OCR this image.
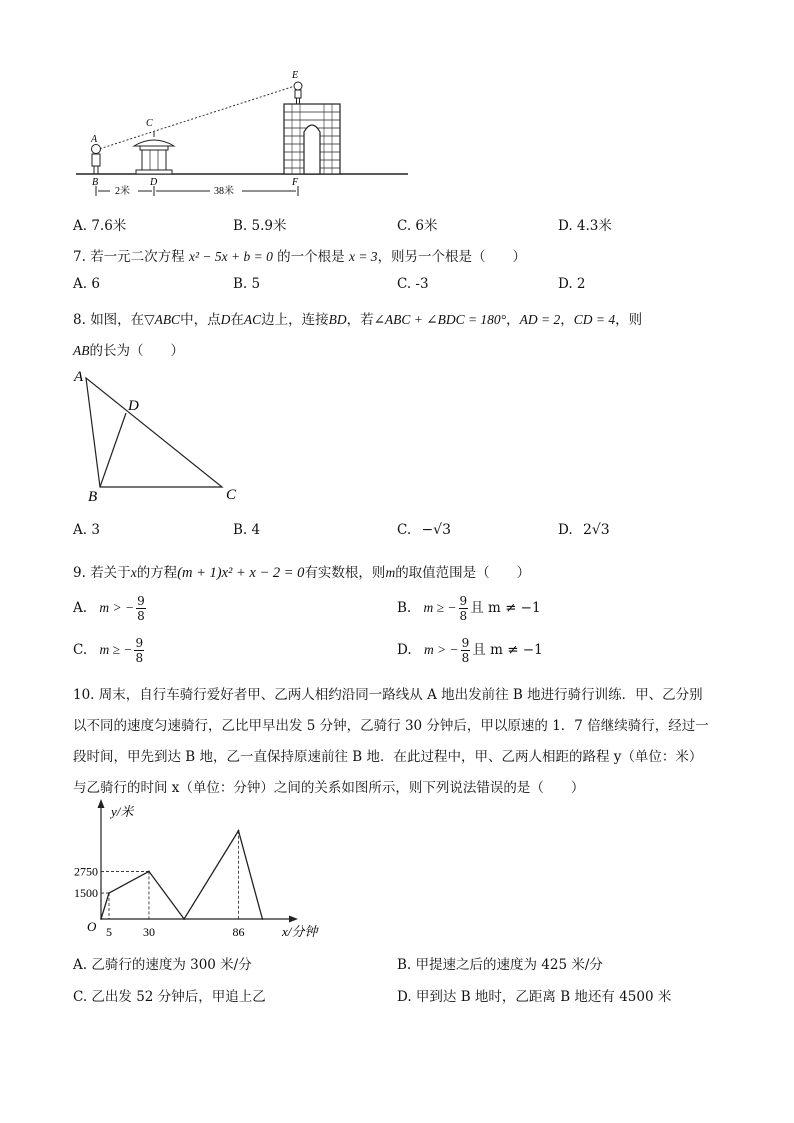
2米	38米
A
B
C
D
E
F
A. 7.6米	B. 5.9米	C. 6米	D. 4.3米
7. 若一元二次方程 x² − 5x + b = 0 的一个根是 x = 3，则另一个根是（　　）
A. 6	B. 5	C. -3	D. 2
8. 如图，在▽ABC中，点D在AC边上，连接BD，若∠ABC + ∠BDC = 180°，AD = 2，CD = 4，则
AB的长为（　　）
A
D
B	C
A. 3	B. 4	C. −√3	D. 2√3
9. 若关于x的方程(m + 1)x² + x − 2 = 0有实数根，则m的取值范围是（　　）
A. m > − $\frac{9}{8}$	B. m ≥ − $\frac{9}{8}$ 且 m ≠ −1
C. m ≥ − $\frac{9}{8}$	D. m > − $\frac{9}{8}$ 且 m ≠ −1
10. 周末，自行车骑行爱好者甲、乙两人相约沿同一路线从 A 地出发前往 B 地进行骑行训练．甲、乙分别
以不同的速度匀速骑行，乙比甲早出发 5 分钟，乙骑行 30 分钟后，甲以原速的 1．7 倍继续骑行，经过一
段时间，甲先到达 B 地，乙一直保持原速前往 B 地．在此过程中，甲、乙两人相距的路程 y（单位：米）
与乙骑行的时间 x（单位：分钟）之间的关系如图所示，则下列说法错误的是（　　）
x/分钟
y/米
O
1500
2750
5	30	86
A. 乙骑行的速度为 300 米/分	B. 甲提速之后的速度为 425 米/分
C. 乙出发 52 分钟后，甲追上乙	D. 甲到达 B 地时，乙距离 B 地还有 4500 米
